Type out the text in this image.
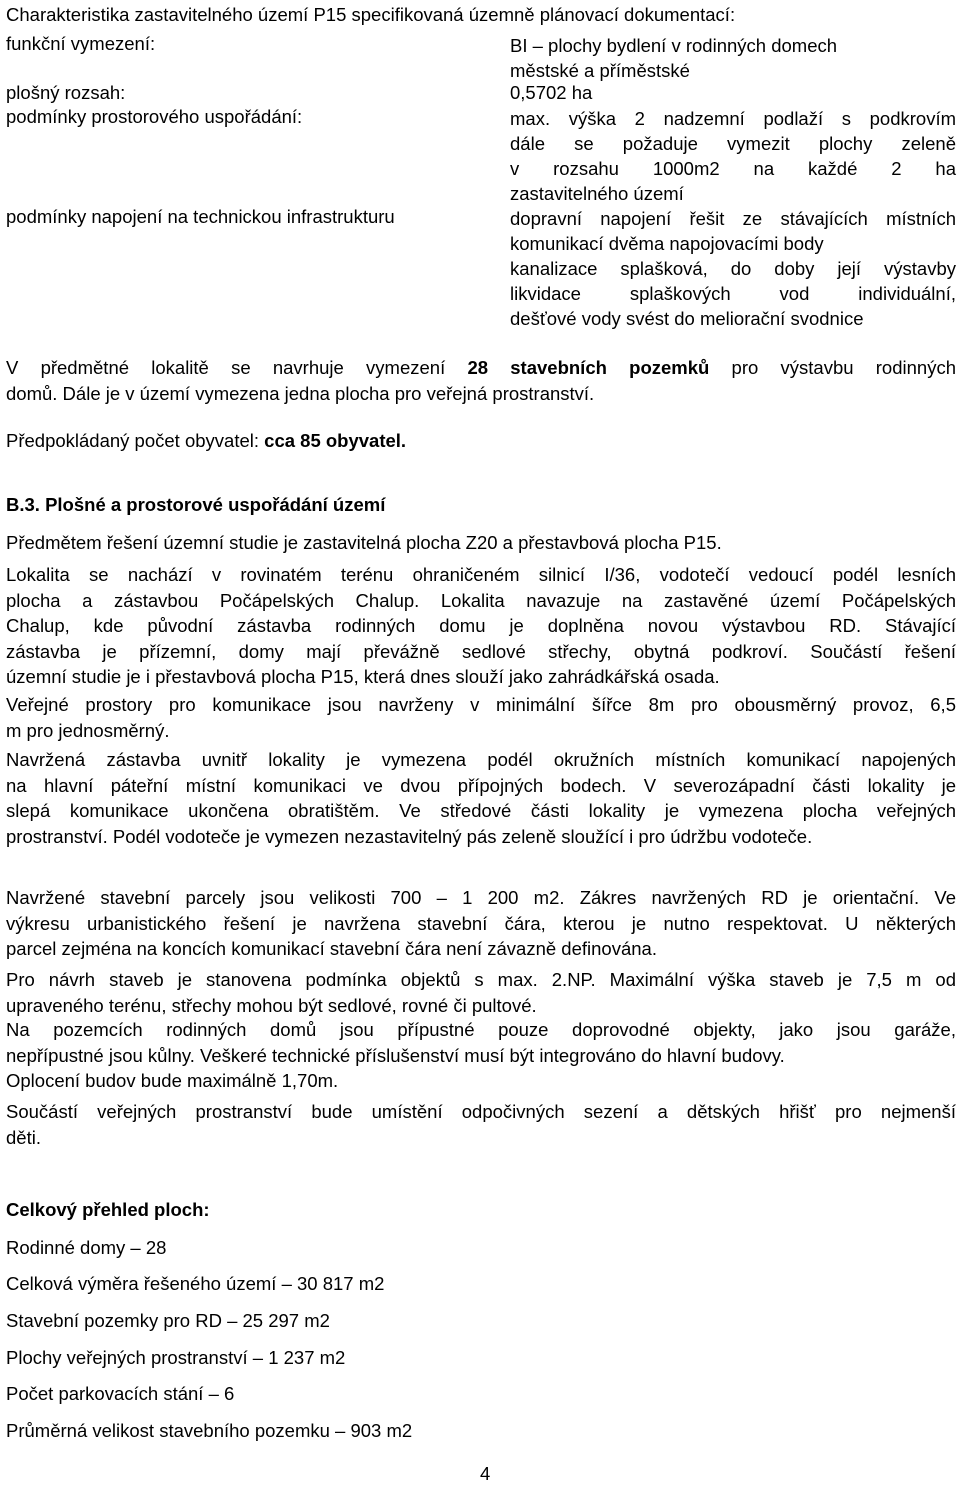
Charakteristika zastavitelného území P15 specifikovaná územně plánovací dokumentací:
funkční vymezení:	BI – plochy bydlení v rodinných domech
městské a příměstské
plošný rozsah:	0,5702 ha
podmínky prostorového uspořádání:	max. výška 2 nadzemní podlaží s podkrovím
dále se požaduje vymezit plochy zeleně
v rozsahu 1000m2 na každé 2 ha
zastavitelného území
podmínky napojení na technickou infrastrukturu	dopravní napojení řešit ze stávajících místních
komunikací dvěma napojovacími body
kanalizace splašková, do doby její výstavby
likvidace splaškových vod individuální,
dešťové vody svést do meliorační svodnice
V předmětné lokalitě se navrhuje vymezení 28 stavebních pozemků pro výstavbu rodinných
domů. Dále je v území vymezena jedna plocha pro veřejná prostranství.
Předpokládaný počet obyvatel: cca 85 obyvatel.
B.3. Plošné a prostorové uspořádání území
Předmětem řešení územní studie je zastavitelná plocha Z20 a přestavbová plocha P15.
Lokalita se nachází v rovinatém terénu ohraničeném silnicí I/36, vodotečí vedoucí podél lesních
plocha a zástavbou Počápelských Chalup. Lokalita navazuje na zastavěné území Počápelských
Chalup, kde původní zástavba rodinných domu je doplněna novou výstavbou RD. Stávající
zástavba je přízemní, domy mají převážně sedlové střechy, obytná podkroví. Součástí řešení
územní studie je i přestavbová plocha P15, která dnes slouží jako zahrádkářská osada.
Veřejné prostory pro komunikace jsou navrženy v minimální šířce 8m pro obousměrný provoz, 6,5
m pro jednosměrný.
Navržená zástavba uvnitř lokality je vymezena podél okružních místních komunikací napojených
na hlavní páteřní místní komunikaci ve dvou přípojných bodech. V severozápadní části lokality je
slepá komunikace ukončena obratištěm. Ve středové části lokality je vymezena plocha veřejných
prostranství. Podél vodoteče je vymezen nezastavitelný pás zeleně sloužící i pro údržbu vodoteče.
Navržené stavební parcely jsou velikosti 700 – 1 200 m2. Zákres navržených RD je orientační. Ve
výkresu urbanistického řešení je navržena stavební čára, kterou je nutno respektovat. U některých
parcel zejména na koncích komunikací stavební čára není závazně definována.
Pro návrh staveb je stanovena podmínka objektů s max. 2.NP. Maximální výška staveb je 7,5 m od
upraveného terénu, střechy mohou být sedlové, rovné či pultové.
Na pozemcích rodinných domů jsou přípustné pouze doprovodné objekty, jako jsou garáže,
nepřípustné jsou kůlny. Veškeré technické příslušenství musí být integrováno do hlavní budovy.
Oplocení budov bude maximálně 1,70m.
Součástí veřejných prostranství bude umístění odpočivných sezení a dětských hřišť pro nejmenší
děti.
Celkový přehled ploch:
Rodinné domy – 28
Celková výměra řešeného území – 30 817 m2
Stavební pozemky pro RD – 25 297 m2
Plochy veřejných prostranství – 1 237 m2
Počet parkovacích stání – 6
Průměrná velikost stavebního pozemku – 903 m2
4
